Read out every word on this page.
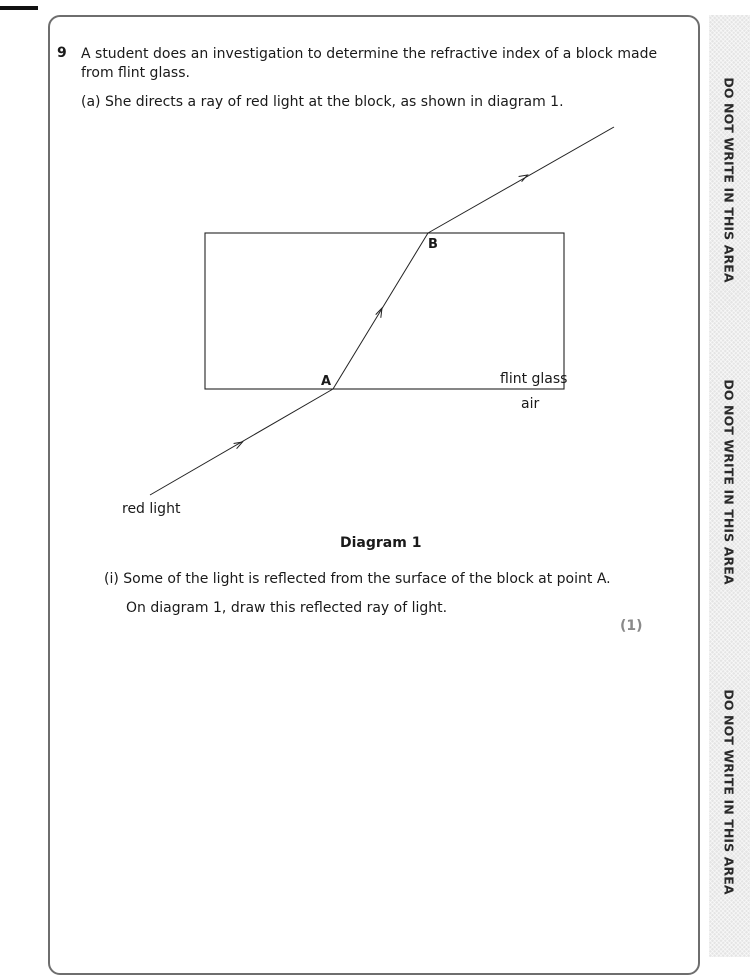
DO NOT WRITE IN THIS AREA
DO NOT WRITE IN THIS AREA
DO NOT WRITE IN THIS AREA
9 A student does an investigation to determine the refractive index of a block made
from flint glass.
(a) She directs a ray of red light at the block, as shown in diagram 1.
B
A	flint glass
air
red light
Diagram 1
(i) Some of the light is reflected from the surface of the block at point A.
On diagram 1, draw this reflected ray of light.
(1)
